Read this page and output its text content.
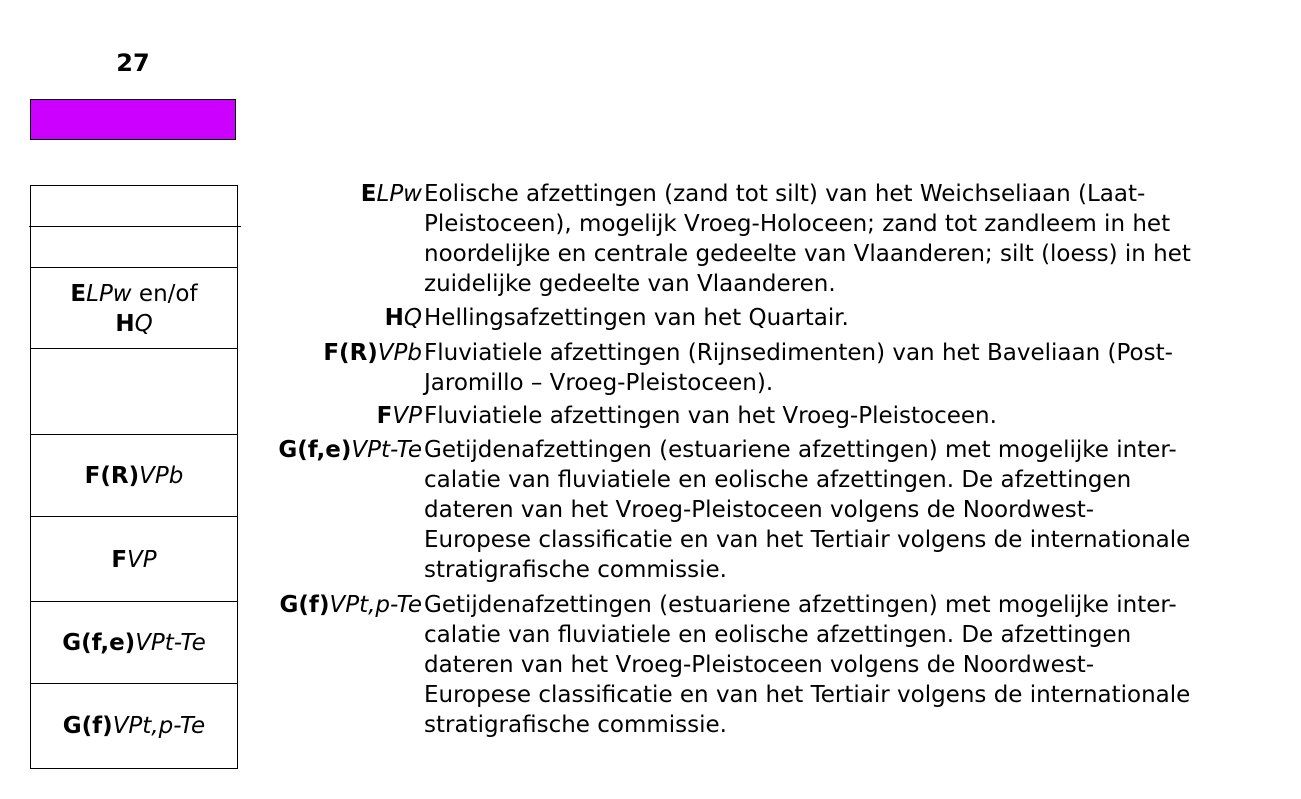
27
ELPw en/of
HQ
F(R)VPb
FVP
G(f,e)VPt-Te
G(f)VPt,p-Te
ELPw Eolische afzettingen (zand tot silt) van het Weichseliaan (Laat-
Pleistoceen), mogelijk Vroeg-Holoceen; zand tot zandleem in het
noordelijke en centrale gedeelte van Vlaanderen; silt (loess) in het
zuidelijke gedeelte van Vlaanderen.
HQ Hellingsafzettingen van het Quartair.
F(R)VPb Fluviatiele afzettingen (Rijnsedimenten) van het Baveliaan (Post-
Jaromillo – Vroeg-Pleistoceen).
FVP Fluviatiele afzettingen van het Vroeg-Pleistoceen.
G(f,e)VPt-Te Getijdenafzettingen (estuariene afzettingen) met mogelijke inter-
calatie van fluviatiele en eolische afzettingen. De afzettingen
dateren van het Vroeg-Pleistoceen volgens de Noordwest-
Europese classificatie en van het Tertiair volgens de internationale
stratigrafische commissie.
G(f)VPt,p-Te Getijdenafzettingen (estuariene afzettingen) met mogelijke inter-
calatie van fluviatiele en eolische afzettingen. De afzettingen
dateren van het Vroeg-Pleistoceen volgens de Noordwest-
Europese classificatie en van het Tertiair volgens de internationale
stratigrafische commissie.
